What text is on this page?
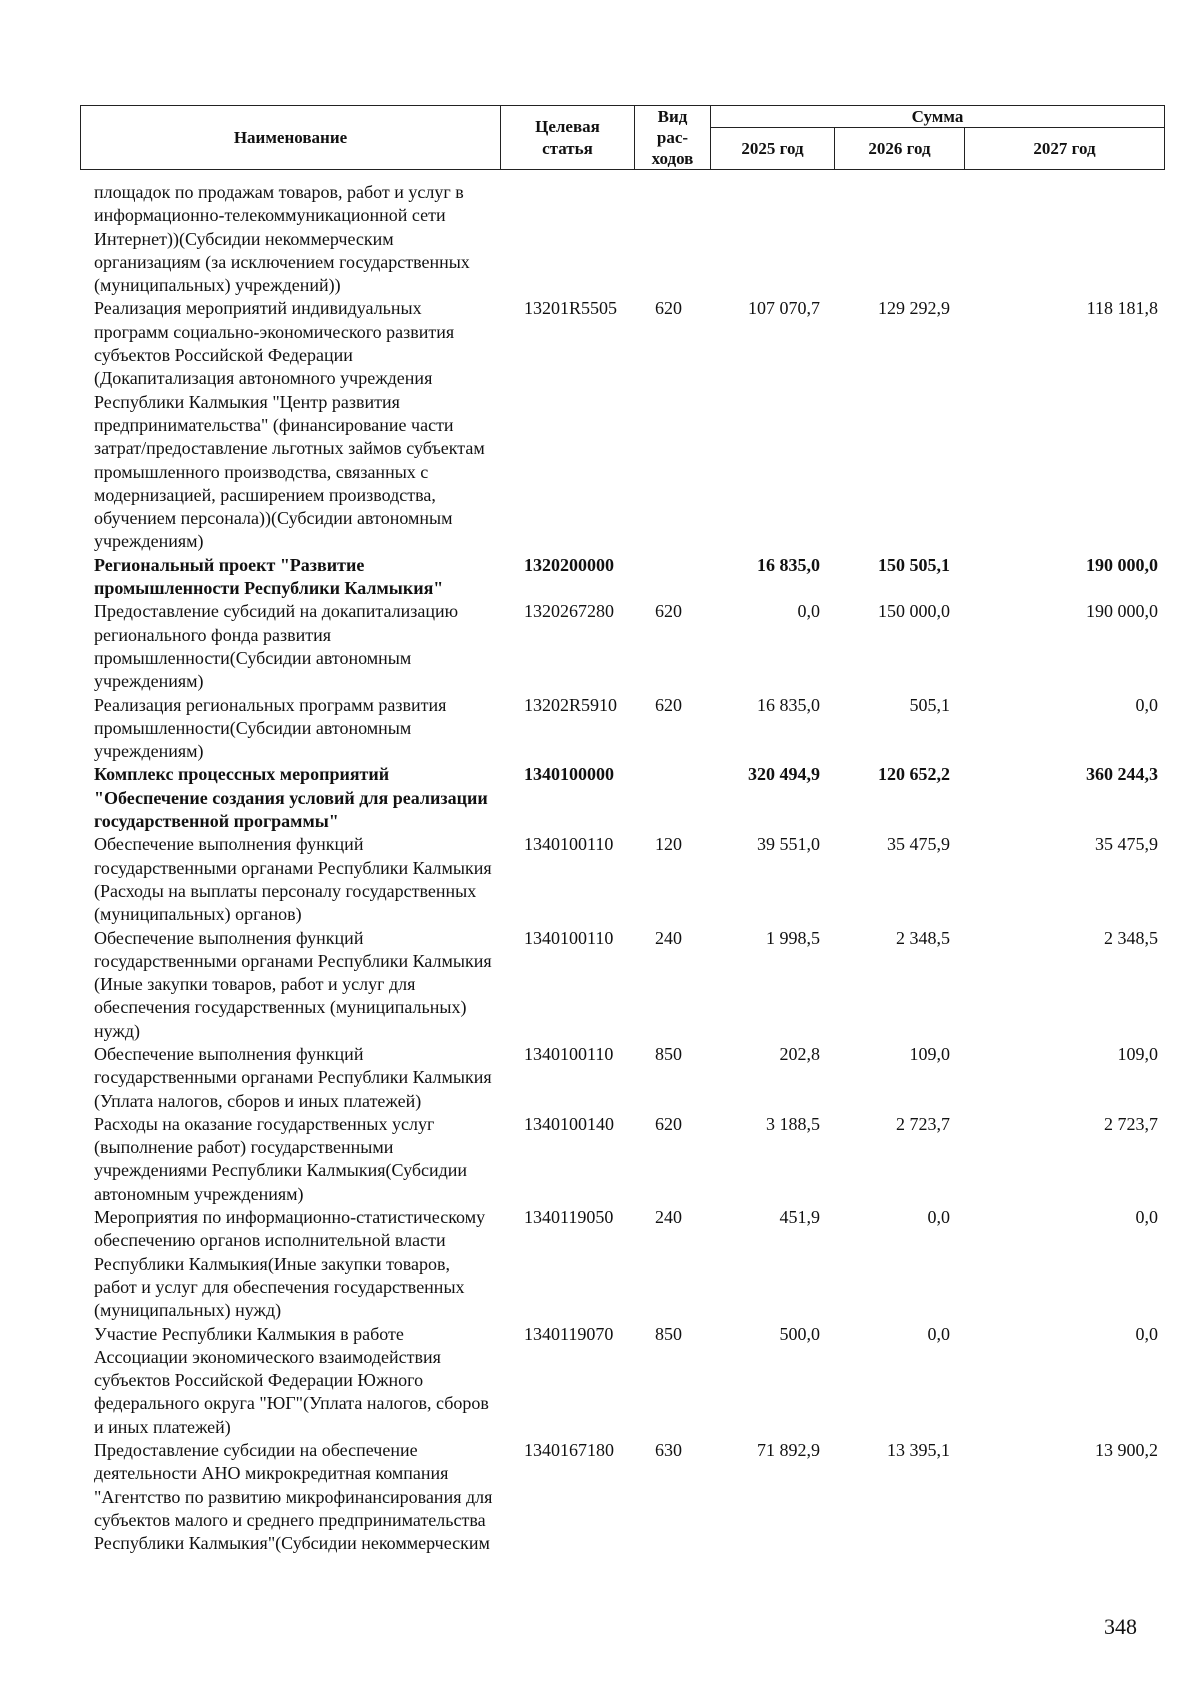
Наименование	Целевая статья	Вид
рас-
ходов	Сумма		
			2025 год	2026 год	2027 год
площадок по продажам товаров, работ и услуг в информационно-телекоммуникационной сети Интернет))(Субсидии некоммерческим организациям (за исключением государственных (муниципальных) учреждений))					
Реализация мероприятий индивидуальных программ социально-экономического развития субъектов Российской Федерации (Докапитализация автономного учреждения Республики Калмыкия "Центр развития предпринимательства" (финансирование части затрат/предоставление льготных займов субъектам промышленного производства, связанных с модернизацией, расширением производства, обучением персонала))(Субсидии автономным учреждениям)	13201R5505	620	107 070,7	129 292,9	118 181,8
Региональный проект "Развитие промышленности Республики Калмыкия"	1320200000		16 835,0	150 505,1	190 000,0
Предоставление субсидий на докапитализацию регионального фонда развития промышленности(Субсидии автономным учреждениям)	1320267280	620	0,0	150 000,0	190 000,0
Реализация региональных программ развития промышленности(Субсидии автономным учреждениям)	13202R5910	620	16 835,0	505,1	0,0
Комплекс процессных мероприятий "Обеспечение создания условий для реализации государственной программы"	1340100000		320 494,9	120 652,2	360 244,3
Обеспечение выполнения функций государственными органами Республики Калмыкия (Расходы на выплаты персоналу государственных (муниципальных) органов)	1340100110	120	39 551,0	35 475,9	35 475,9
Обеспечение выполнения функций государственными органами Республики Калмыкия (Иные закупки товаров, работ и услуг для обеспечения государственных (муниципальных) нужд)	1340100110	240	1 998,5	2 348,5	2 348,5
Обеспечение выполнения функций государственными органами Республики Калмыкия (Уплата налогов, сборов и иных платежей)	1340100110	850	202,8	109,0	109,0
Расходы на оказание государственных услуг (выполнение работ) государственными учреждениями Республики Калмыкия(Субсидии автономным учреждениям)	1340100140	620	3 188,5	2 723,7	2 723,7
Мероприятия по информационно-статистическому обеспечению органов исполнительной власти Республики Калмыкия(Иные закупки товаров, работ и услуг для обеспечения государственных (муниципальных) нужд)	1340119050	240	451,9	0,0	0,0
Участие Республики Калмыкия в работе Ассоциации экономического взаимодействия субъектов Российской Федерации Южного федерального округа "ЮГ"(Уплата налогов, сборов и иных платежей)	1340119070	850	500,0	0,0	0,0
Предоставление субсидии на обеспечение деятельности АНО микрокредитная компания "Агентство по развитию микрофинансирования для субъектов малого и среднего предпринимательства Республики Калмыкия"(Субсидии некоммерческим	1340167180	630	71 892,9	13 395,1	13 900,2
348
